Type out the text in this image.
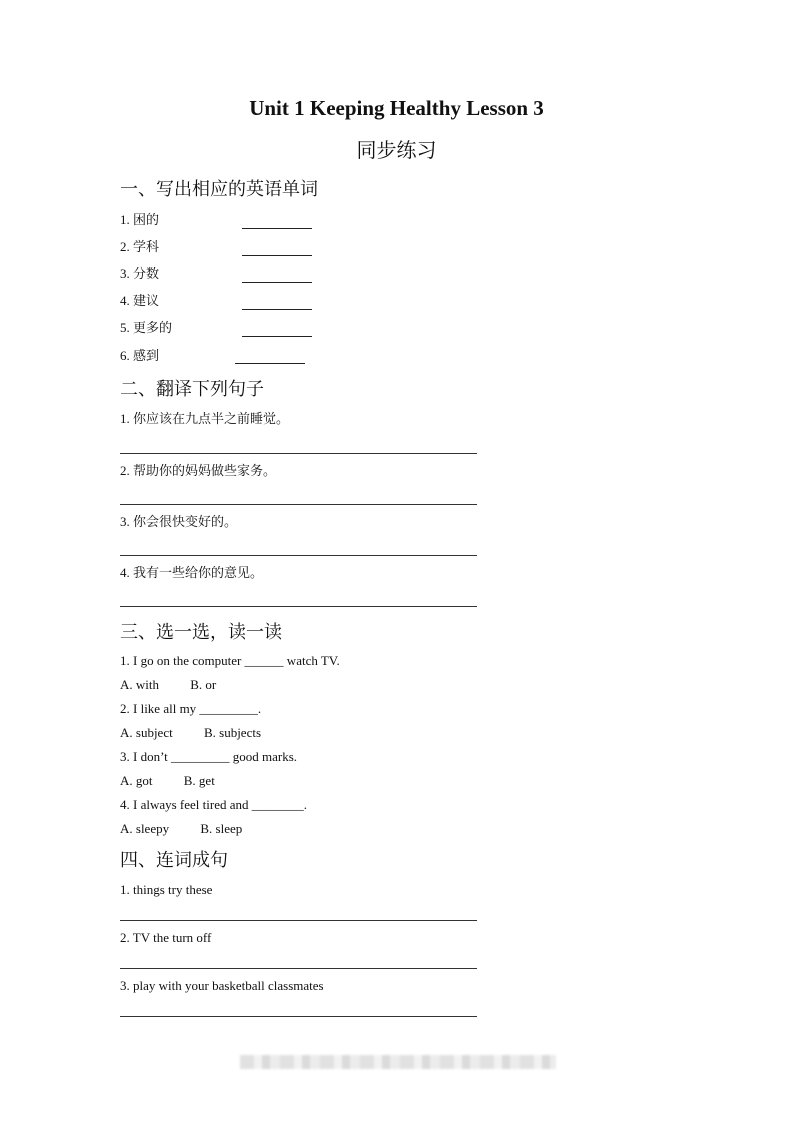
Unit 1 Keeping Healthy Lesson 3
同步练习
一、写出相应的英语单词
1. 困的
2. 学科
3. 分数
4. 建议
5. 更多的
6. 感到
二、翻译下列句子
1. 你应该在九点半之前睡觉。
2. 帮助你的妈妈做些家务。
3. 你会很快变好的。
4. 我有一些给你的意见。
三、选一选，读一读
1. I go on the computer ______ watch TV.
A. with B. or
2. I like all my _________.
A. subject B. subjects
3. I don’t _________ good marks.
A. got B. get
4. I always feel tired and ________.
A. sleepy B. sleep
四、连词成句
1. things try these
2. TV the turn off
3. play with your basketball classmates
